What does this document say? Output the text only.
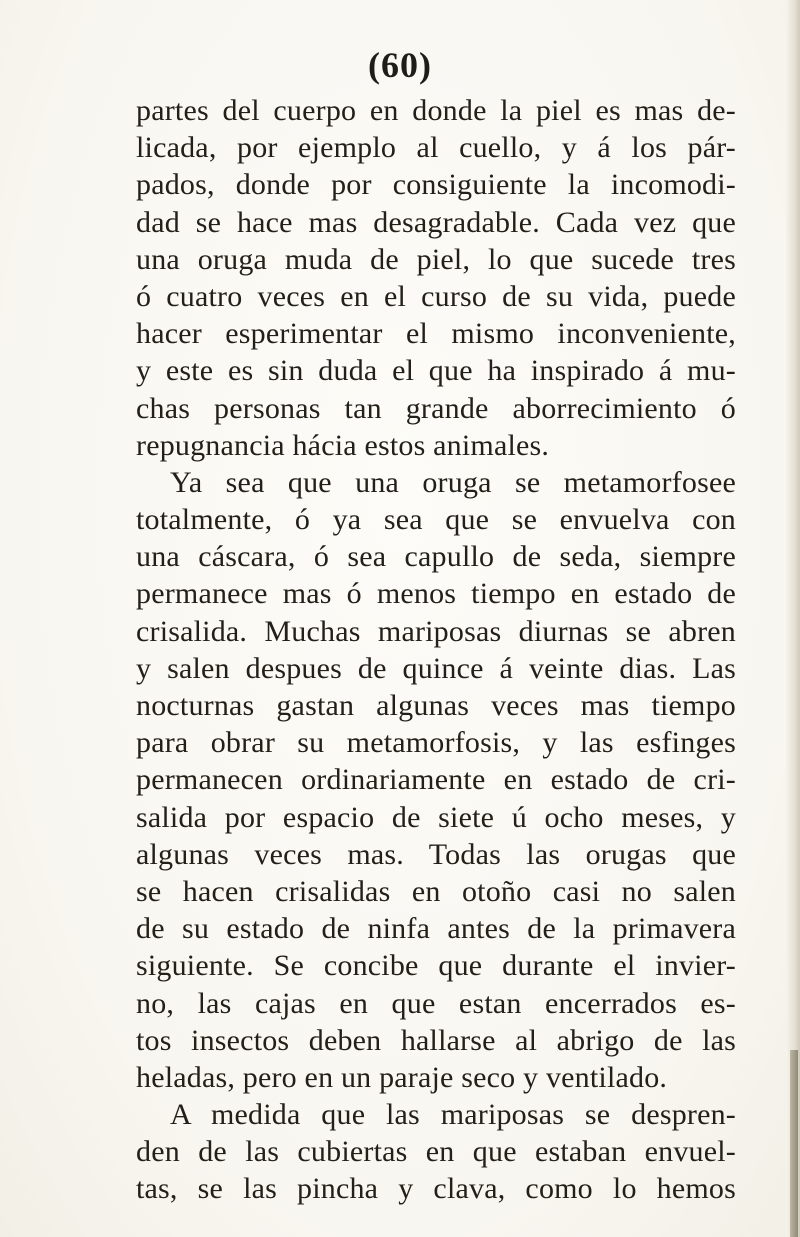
(60)
partes del cuerpo en donde la piel es mas de-
licada, por ejemplo al cuello, y á los pár-
pados, donde por consiguiente la incomodi-
dad se hace mas desagradable. Cada vez que
una oruga muda de piel, lo que sucede tres
ó cuatro veces en el curso de su vida, puede
hacer esperimentar el mismo inconveniente,
y este es sin duda el que ha inspirado á mu-
chas personas tan grande aborrecimiento ó
repugnancia hácia estos animales.
Ya sea que una oruga se metamorfosee
totalmente, ó ya sea que se envuelva con
una cáscara, ó sea capullo de seda, siempre
permanece mas ó menos tiempo en estado de
crisalida. Muchas mariposas diurnas se abren
y salen despues de quince á veinte dias. Las
nocturnas gastan algunas veces mas tiempo
para obrar su metamorfosis, y las esfinges
permanecen ordinariamente en estado de cri-
salida por espacio de siete ú ocho meses, y
algunas veces mas. Todas las orugas que
se hacen crisalidas en otoño casi no salen
de su estado de ninfa antes de la primavera
siguiente. Se concibe que durante el invier-
no, las cajas en que estan encerrados es-
tos insectos deben hallarse al abrigo de las
heladas, pero en un paraje seco y ventilado.
A medida que las mariposas se despren-
den de las cubiertas en que estaban envuel-
tas, se las pincha y clava, como lo hemos
